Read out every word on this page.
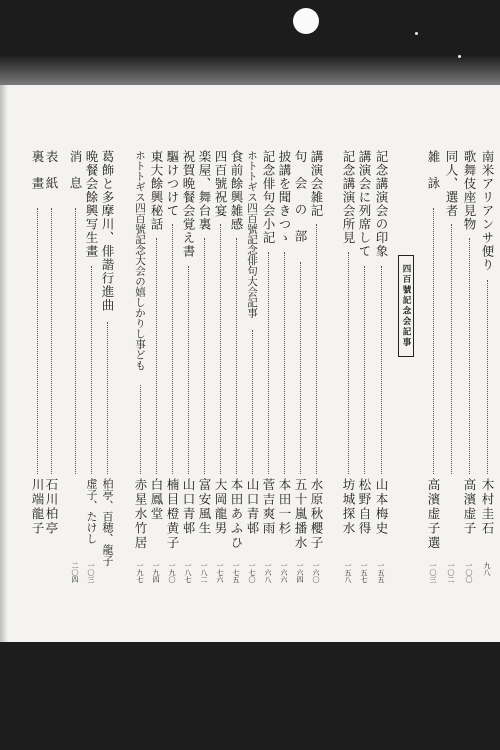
四百號記念会記事
南米アリアンサ便り
木村圭石
九八
歌舞伎座見物
高濱虚子
一〇〇
同人、選者
一〇二
雑詠
高濱虚子選
一〇三
記念講演会の印象
山本梅史
一五五
講演会に列席して
松野自得
一五七
記念講演会所見
坊城探水
一五八
講演会雑記
水原秋櫻子
一六〇
句会の部
五十嵐播水
一六四
披講を聞きつゝ
本田一杉
一六六
記念俳句会小記
菅吉爽雨
一六八
ホトトギス四百號記念俳句大会記事
山口青邨
一七〇
食前餘興雑感
本田あふひ
一七五
四百號祝宴
大岡龍男
一七六
楽屋、舞台裏
富安風生
一八二
祝賀晩餐会覚え書
山口青邨
一八七
驅けつけて
楠目橙黄子
一九〇
東大餘興秘話
白鳳堂
一九四
ホトトギス四百號記念大会の嬉しかりし事ども
赤星水竹居
一九七
葛飾と多摩川、俳諧行進曲
柏亭、百穂、龍子
晩餐会餘興写生畫
虚子、たけし
一〇三
消息
二〇四
表紙
石川柏亭
裏畫
川端龍子
